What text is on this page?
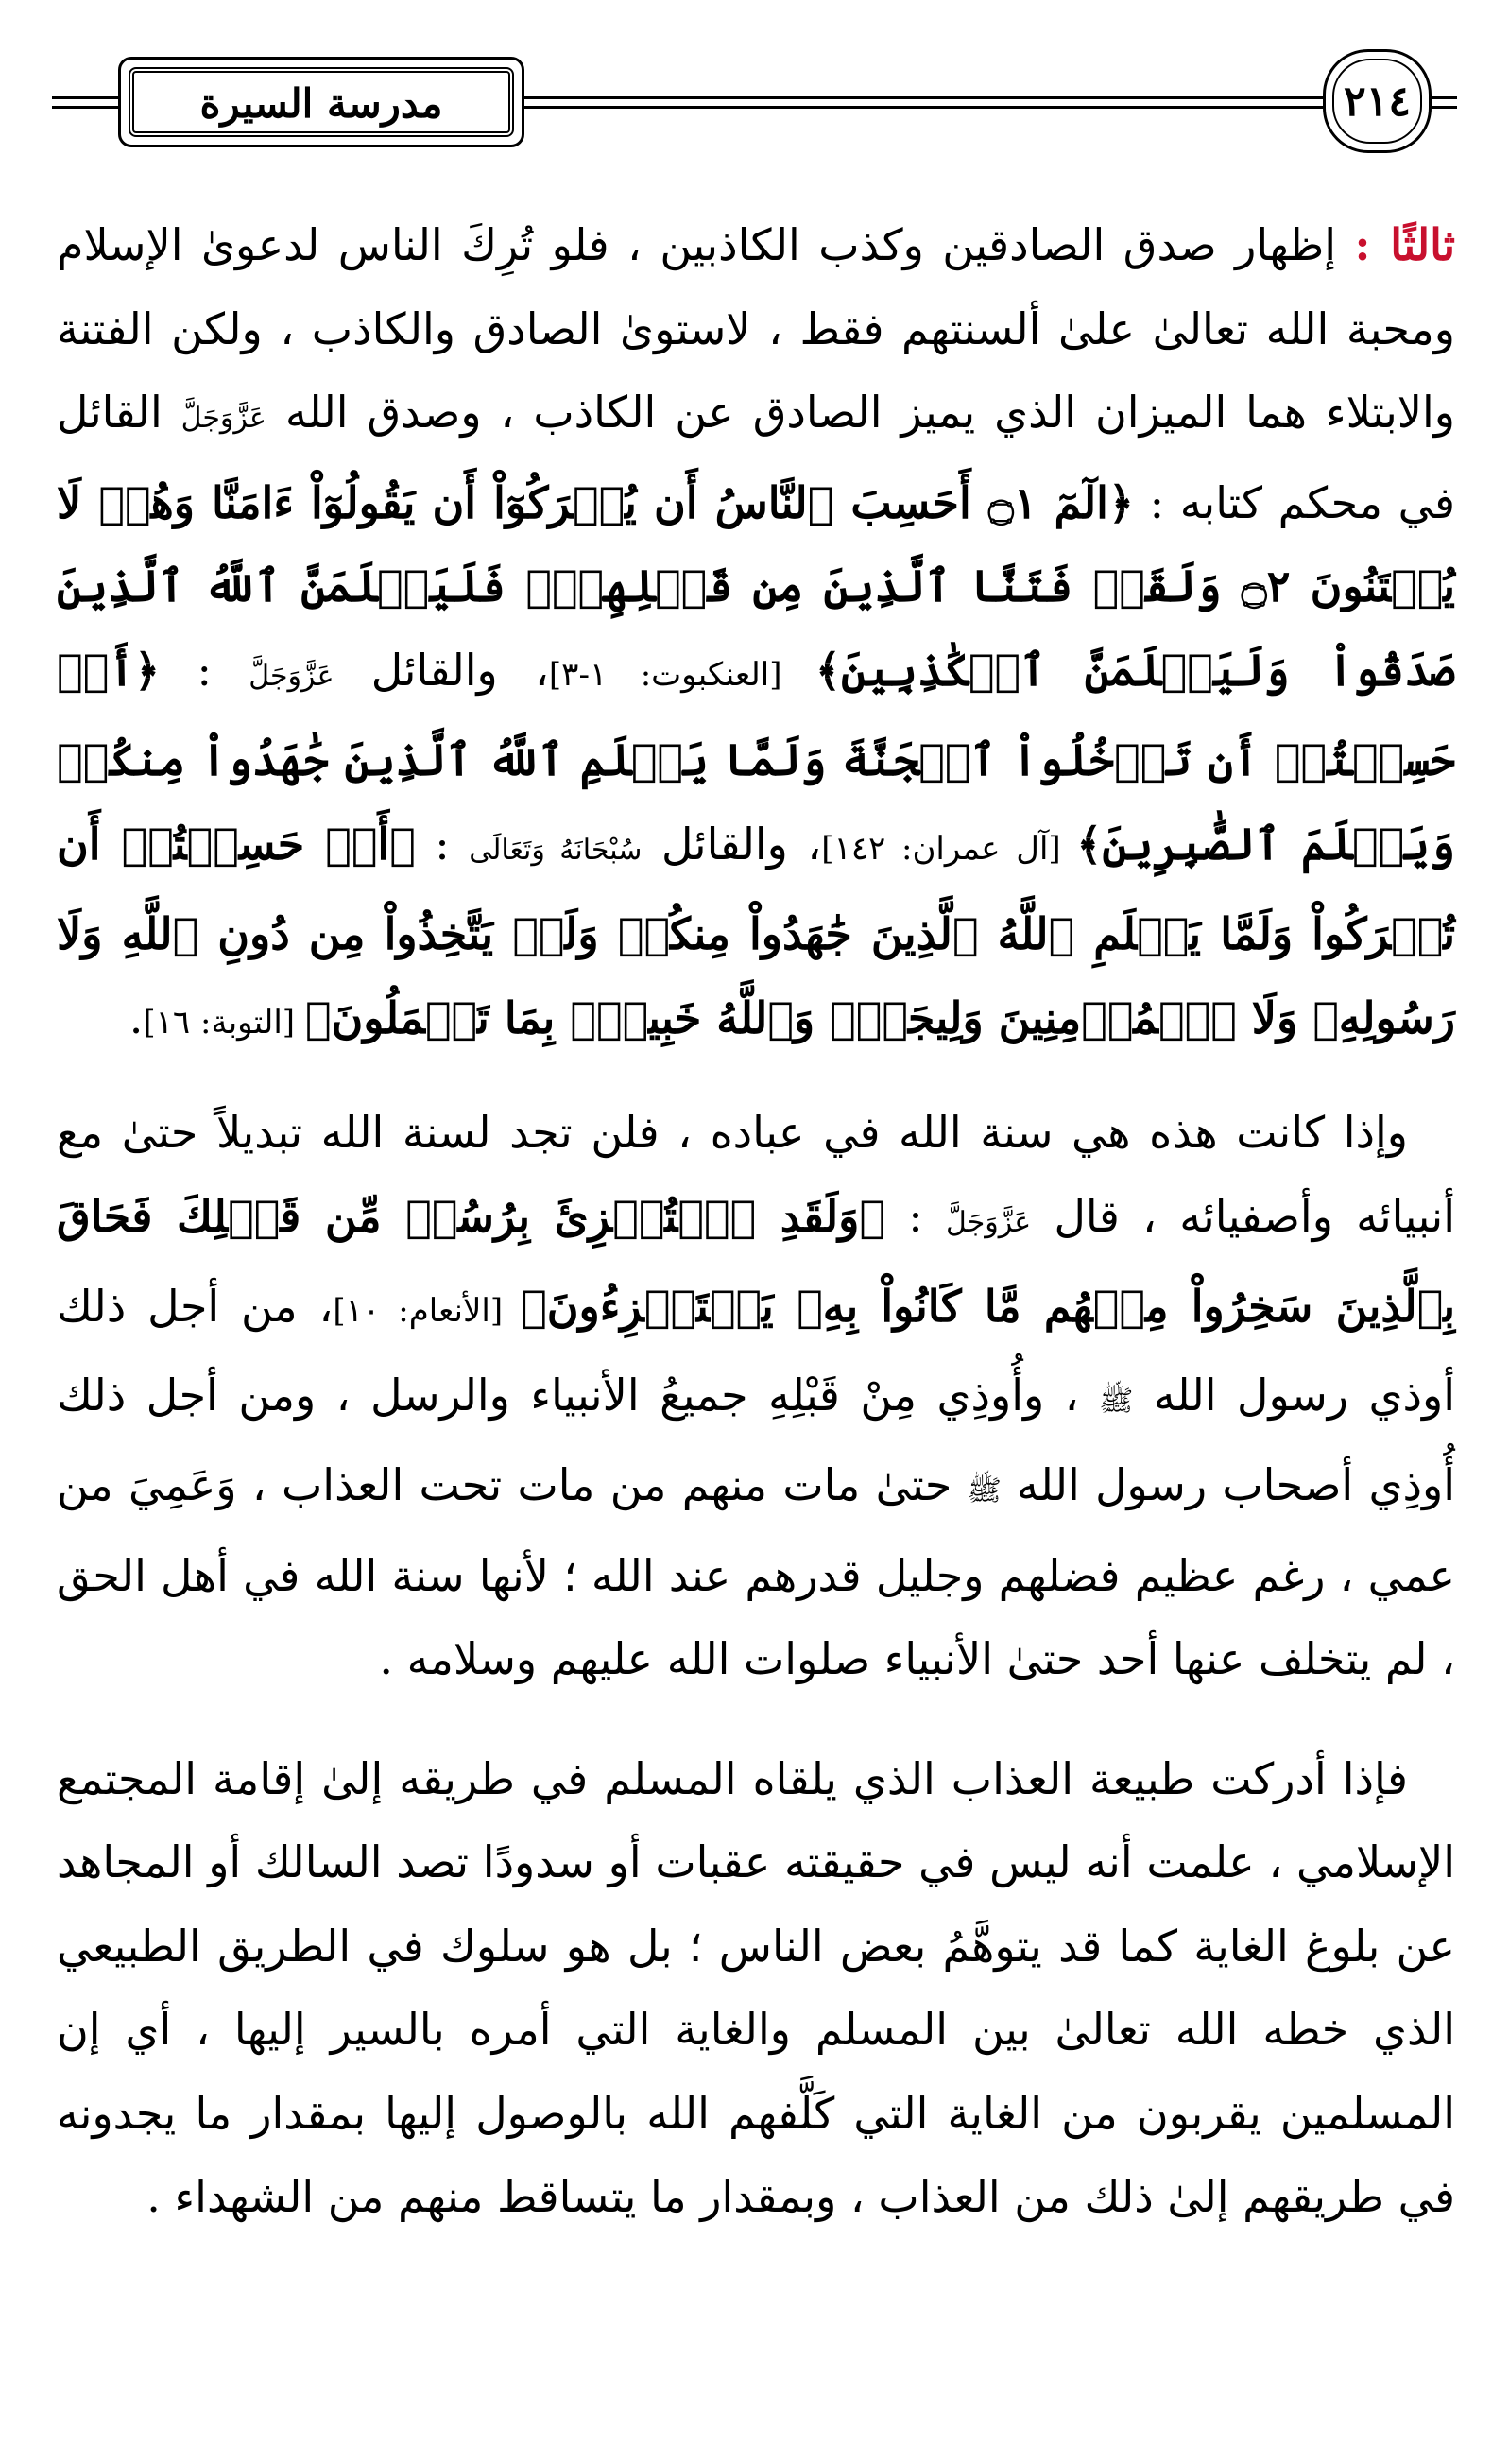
مدرسة السيرة	٢١٤

ثالثًا : إظهار صدق الصادقين وكذب الكاذبين ، فلو تُرِكَ الناس لدعوىٰ الإسلام ومحبة الله تعالىٰ علىٰ ألسنتهم فقط ، لاستوىٰ الصادق والكاذب ، ولكن الفتنة والابتلاء هما الميزان الذي يميز الصادق عن الكاذب ، وصدق الله عَزَّوَجَلَّ القائل في محكم كتابه : ﴿الٓمٓ ۝١ أَحَسِبَ ٱلنَّاسُ أَن يُتۡرَكُوٓاْ أَن يَقُولُوٓاْ ءَامَنَّا وَهُمۡ لَا يُفۡتَنُونَ ۝٢ وَلَقَدۡ فَتَنَّا ٱلَّذِينَ مِن قَبۡلِهِمۡۖ فَلَيَعۡلَمَنَّ ٱللَّهُ ٱلَّذِينَ صَدَقُواْ وَلَيَعۡلَمَنَّ ٱلۡكَٰذِبِينَ﴾ [العنكبوت: ١-٣]، والقائل عَزَّوَجَلَّ : ﴿أَمۡ حَسِبۡتُمۡ أَن تَدۡخُلُواْ ٱلۡجَنَّةَ وَلَمَّا يَعۡلَمِ ٱللَّهُ ٱلَّذِينَ جَٰهَدُواْ مِنكُمۡ وَيَعۡلَمَ ٱلصَّٰبِرِينَ﴾ [آل عمران: ١٤٢]، والقائل سُبْحَانَهُ وَتَعَالَى : ﴿أَمۡ حَسِبۡتُمۡ أَن تُتۡرَكُواْ وَلَمَّا يَعۡلَمِ ٱللَّهُ ٱلَّذِينَ جَٰهَدُواْ مِنكُمۡ وَلَمۡ يَتَّخِذُواْ مِن دُونِ ٱللَّهِ وَلَا رَسُولِهِۦ وَلَا ٱلۡمُؤۡمِنِينَ وَلِيجَةٗۚ وَٱللَّهُ خَبِيرُۢ بِمَا تَعۡمَلُونَ﴾ [التوبة: ١٦].

وإذا كانت هذه هي سنة الله في عباده ، فلن تجد لسنة الله تبديلاً حتىٰ مع أنبيائه وأصفيائه ، قال عَزَّوَجَلَّ : ﴿وَلَقَدِ ٱسۡتُهۡزِئَ بِرُسُلٖ مِّن قَبۡلِكَ فَحَاقَ بِٱلَّذِينَ سَخِرُواْ مِنۡهُم مَّا كَانُواْ بِهِۦ يَسۡتَهۡزِءُونَ﴾ [الأنعام: ١٠]، من أجل ذلك أوذي رسول الله ﷺ ، وأُوذِي مِنْ قَبْلِهِ جميعُ الأنبياء والرسل ، ومن أجل ذلك أُوذِي أصحاب رسول الله ﷺ حتىٰ مات منهم من مات تحت العذاب ، وَعَمِيَ من عمي ، رغم عظيم فضلهم وجليل قدرهم عند الله ؛ لأنها سنة الله في أهل الحق ، لم يتخلف عنها أحد حتىٰ الأنبياء صلوات الله عليهم وسلامه .

فإذا أدركت طبيعة العذاب الذي يلقاه المسلم في طريقه إلىٰ إقامة المجتمع الإسلامي ، علمت أنه ليس في حقيقته عقبات أو سدودًا تصد السالك أو المجاهد عن بلوغ الغاية كما قد يتوهَّمُ بعض الناس ؛ بل هو سلوك في الطريق الطبيعي الذي خطه الله تعالىٰ بين المسلم والغاية التي أمره بالسير إليها ، أي إن المسلمين يقربون من الغاية التي كَلَّفهم الله بالوصول إليها بمقدار ما يجدونه في طريقهم إلىٰ ذلك من العذاب ، وبمقدار ما يتساقط منهم من الشهداء .
